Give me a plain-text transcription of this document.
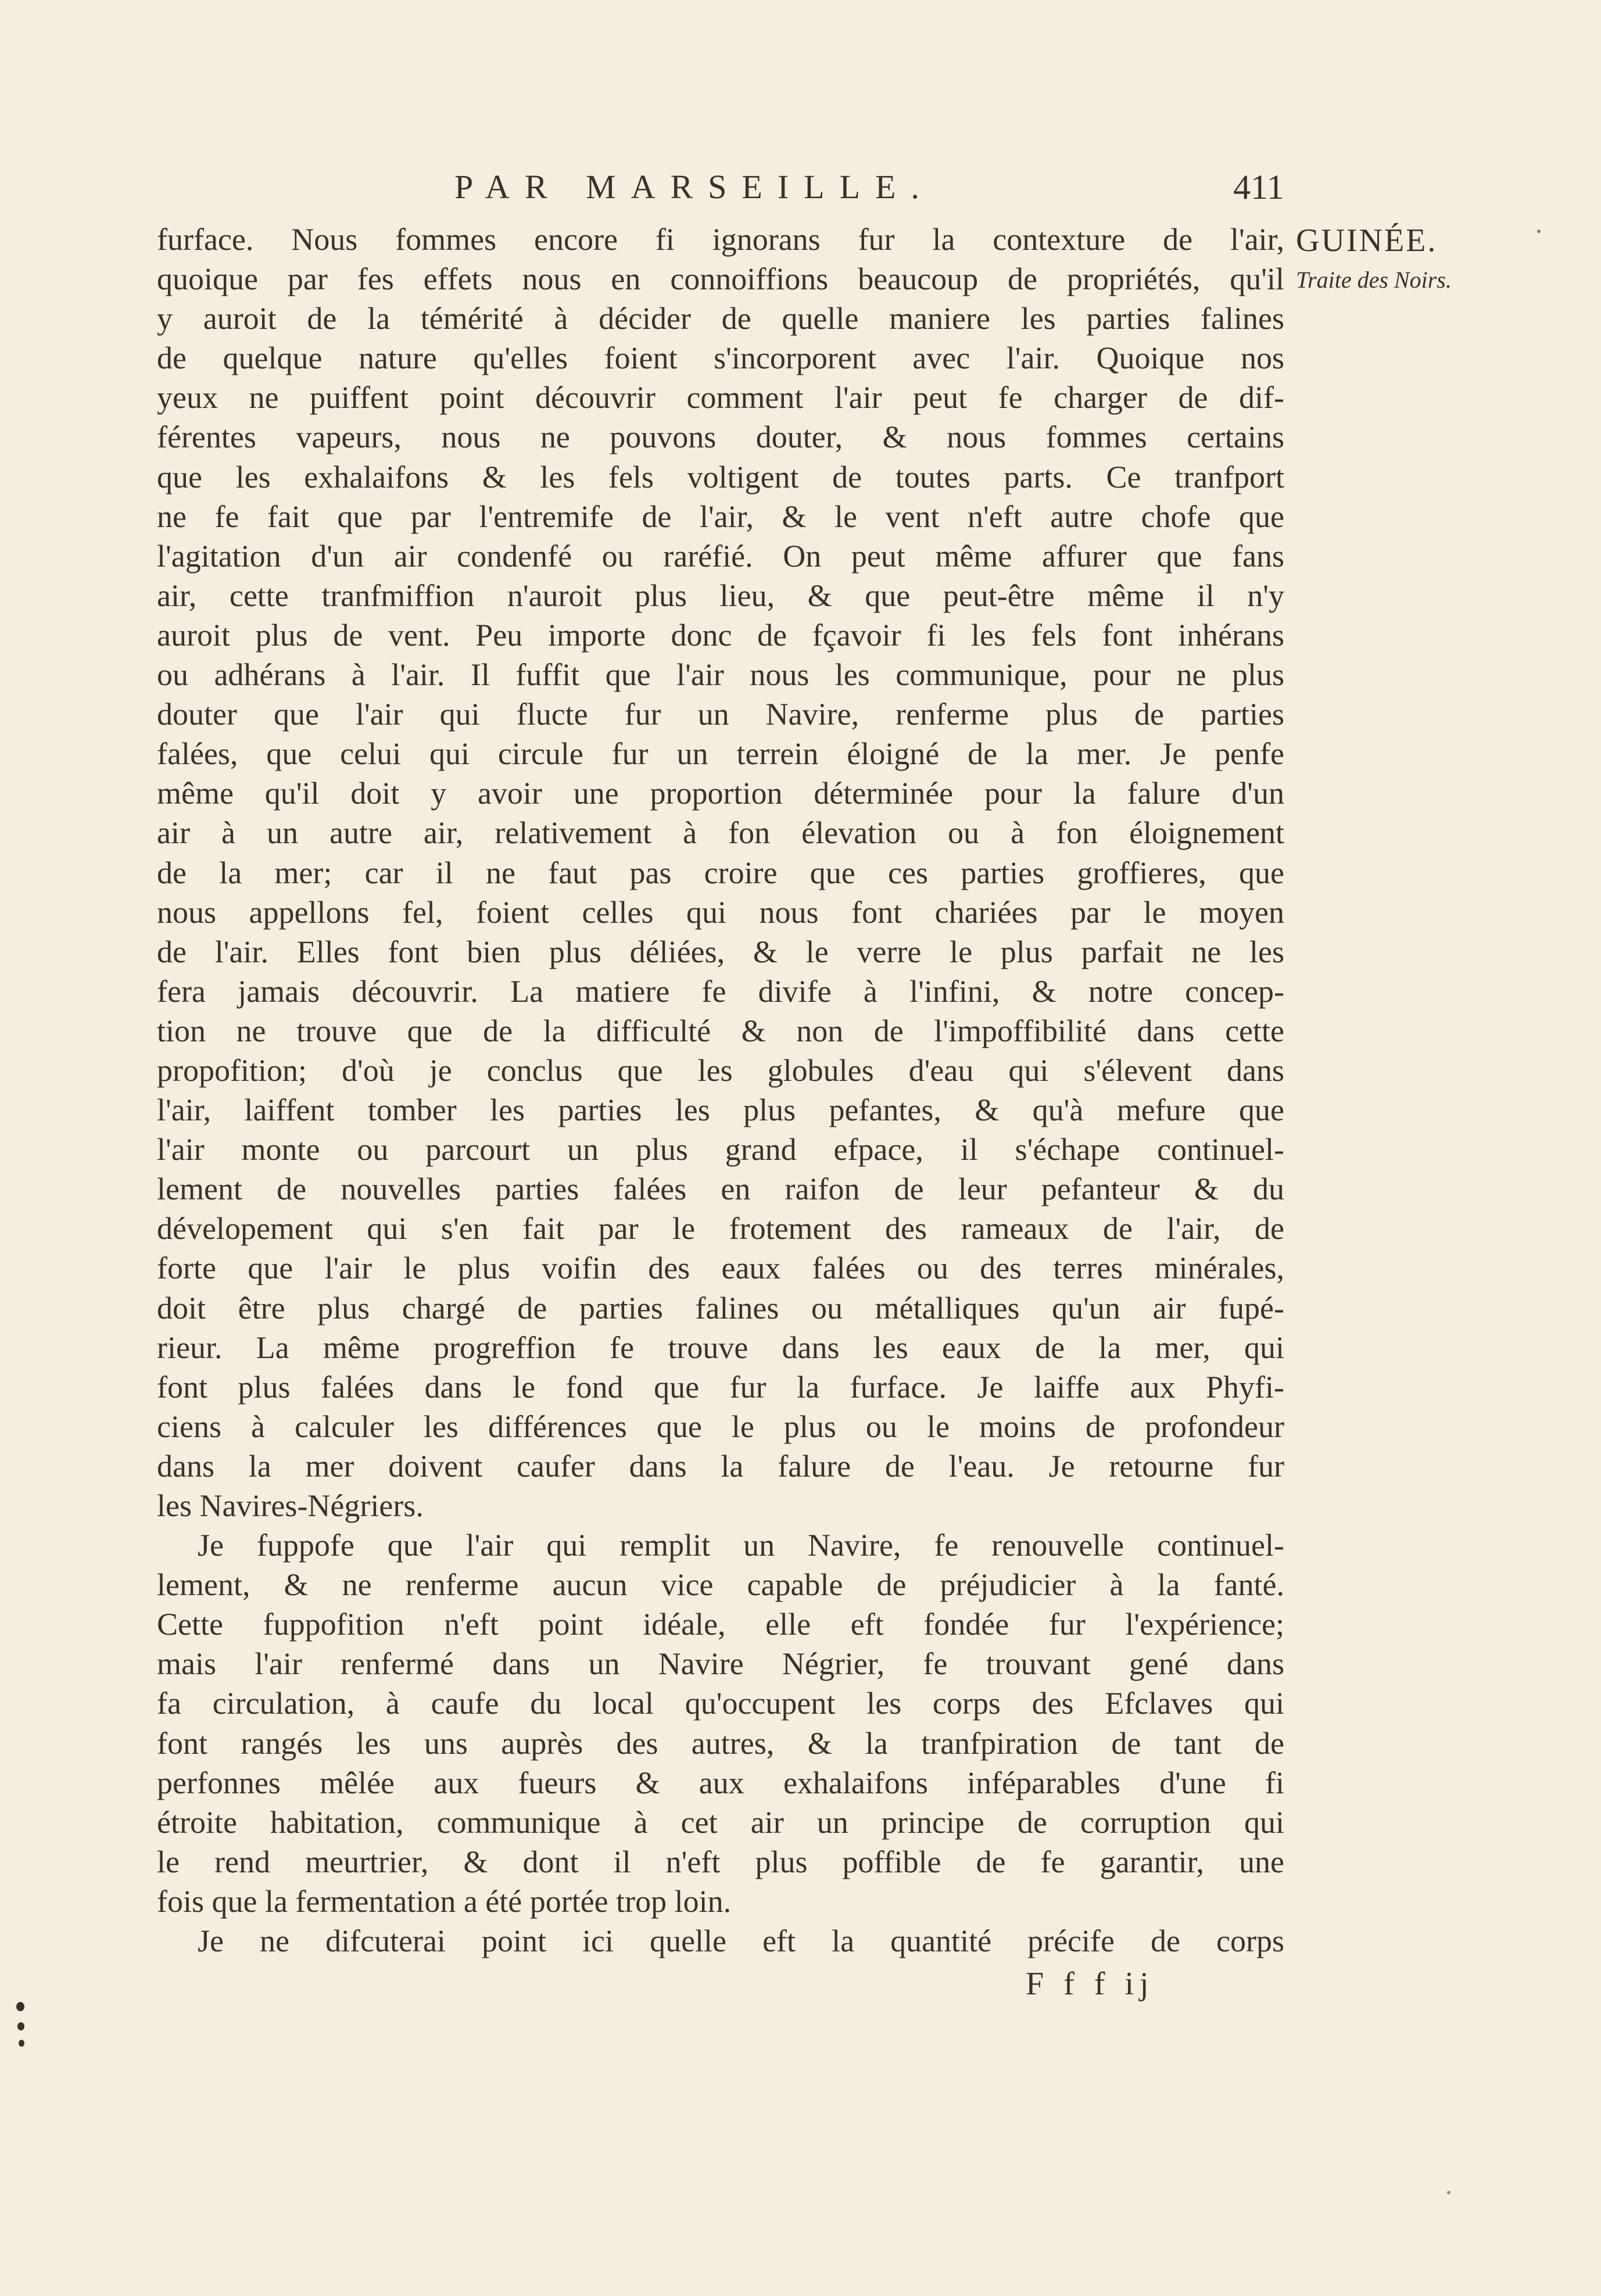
PAR MARSEILLE.	411
GUINÉE.
Traite des Noirs.
furface. Nous fommes encore fi ignorans fur la contexture de l'air,
quoique par fes effets nous en connoiffions beaucoup de propriétés, qu'il
y auroit de la témérité à décider de quelle maniere les parties falines
de quelque nature qu'elles foient s'incorporent avec l'air. Quoique nos
yeux ne puiffent point découvrir comment l'air peut fe charger de dif-
férentes vapeurs, nous ne pouvons douter, & nous fommes certains
que les exhalaifons & les fels voltigent de toutes parts. Ce tranfport
ne fe fait que par l'entremife de l'air, & le vent n'eft autre chofe que
l'agitation d'un air condenfé ou raréfié. On peut même affurer que fans
air, cette tranfmiffion n'auroit plus lieu, & que peut-être même il n'y
auroit plus de vent. Peu importe donc de fçavoir fi les fels font inhérans
ou adhérans à l'air. Il fuffit que l'air nous les communique, pour ne plus
douter que l'air qui flucte fur un Navire, renferme plus de parties
falées, que celui qui circule fur un terrein éloigné de la mer. Je penfe
même qu'il doit y avoir une proportion déterminée pour la falure d'un
air à un autre air, relativement à fon élevation ou à fon éloignement
de la mer; car il ne faut pas croire que ces parties groffieres, que
nous appellons fel, foient celles qui nous font chariées par le moyen
de l'air. Elles font bien plus déliées, & le verre le plus parfait ne les
fera jamais découvrir. La matiere fe divife à l'infini, & notre concep-
tion ne trouve que de la difficulté & non de l'impoffibilité dans cette
propofition; d'où je conclus que les globules d'eau qui s'élevent dans
l'air, laiffent tomber les parties les plus pefantes, & qu'à mefure que
l'air monte ou parcourt un plus grand efpace, il s'échape continuel-
lement de nouvelles parties falées en raifon de leur pefanteur & du
dévelopement qui s'en fait par le frotement des rameaux de l'air, de
forte que l'air le plus voifin des eaux falées ou des terres minérales,
doit être plus chargé de parties falines ou métalliques qu'un air fupé-
rieur. La même progreffion fe trouve dans les eaux de la mer, qui
font plus falées dans le fond que fur la furface. Je laiffe aux Phyfi-
ciens à calculer les différences que le plus ou le moins de profondeur
dans la mer doivent caufer dans la falure de l'eau. Je retourne fur
les Navires-Négriers.
Je fuppofe que l'air qui remplit un Navire, fe renouvelle continuel-
lement, & ne renferme aucun vice capable de préjudicier à la fanté.
Cette fuppofition n'eft point idéale, elle eft fondée fur l'expérience;
mais l'air renfermé dans un Navire Négrier, fe trouvant gené dans
fa circulation, à caufe du local qu'occupent les corps des Efclaves qui
font rangés les uns auprès des autres, & la tranfpiration de tant de
perfonnes mêlée aux fueurs & aux exhalaifons inféparables d'une fi
étroite habitation, communique à cet air un principe de corruption qui
le rend meurtrier, & dont il n'eft plus poffible de fe garantir, une
fois que la fermentation a été portée trop loin.
Je ne difcuterai point ici quelle eft la quantité précife de corps
F f f ij
